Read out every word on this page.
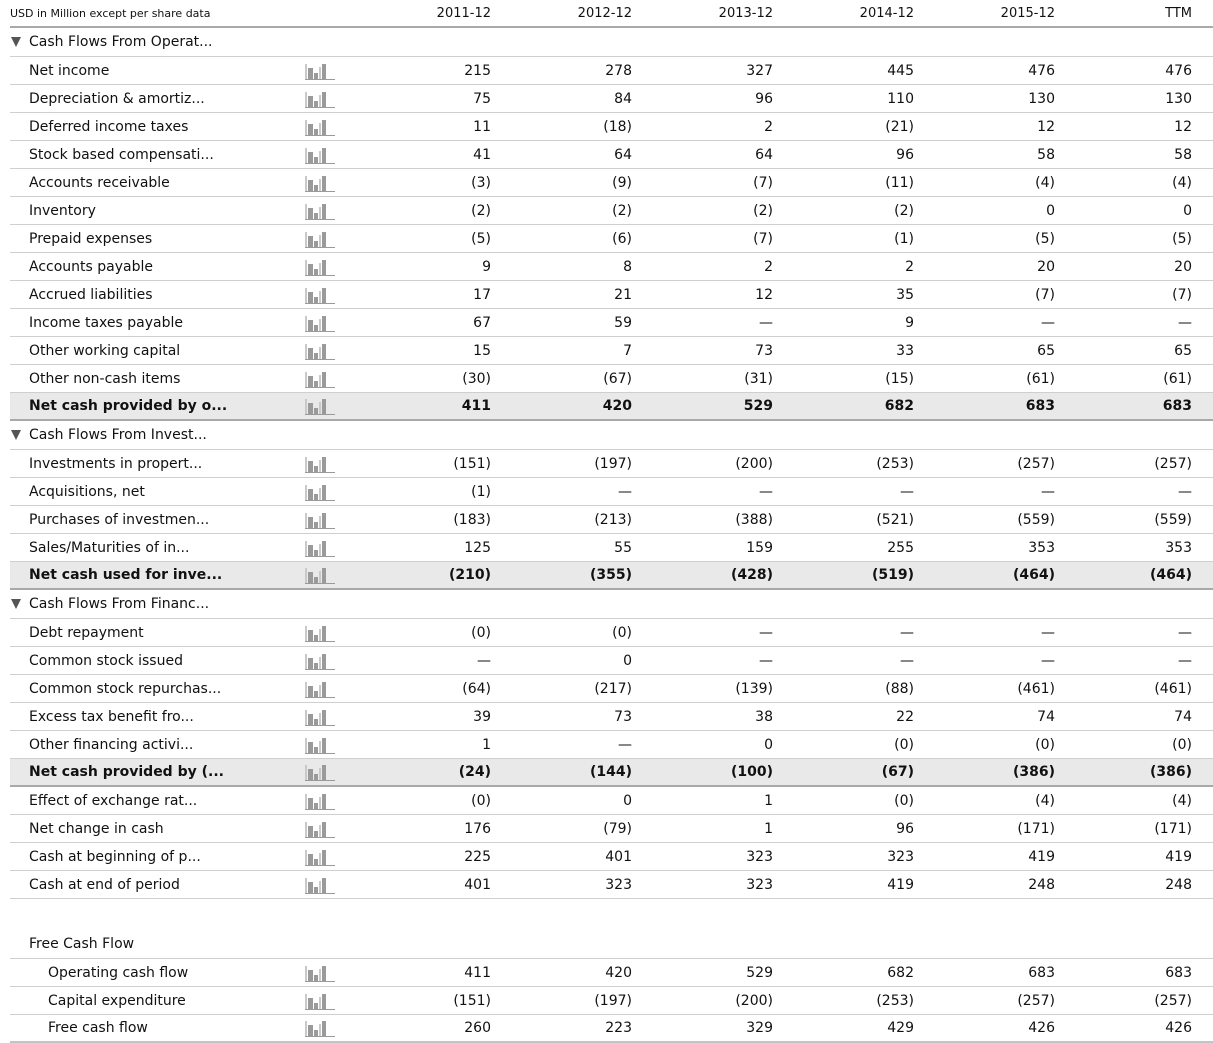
USD in Million except per share data	2011-12	2012-12	2013-12	2014-12	2015-12	TTM
Cash Flows From Operat...
Net income	215	278	327	445	476	476
Depreciation & amortiz...	75	84	96	110	130	130
Deferred income taxes	11	(18)	2	(21)	12	12
Stock based compensati...	41	64	64	96	58	58
Accounts receivable	(3)	(9)	(7)	(11)	(4)	(4)
Inventory	(2)	(2)	(2)	(2)	0	0
Prepaid expenses	(5)	(6)	(7)	(1)	(5)	(5)
Accounts payable	9	8	2	2	20	20
Accrued liabilities	17	21	12	35	(7)	(7)
Income taxes payable	67	59	—	9	—	—
Other working capital	15	7	73	33	65	65
Other non-cash items	(30)	(67)	(31)	(15)	(61)	(61)
Net cash provided by o...	411	420	529	682	683	683
Cash Flows From Invest...
Investments in propert...	(151)	(197)	(200)	(253)	(257)	(257)
Acquisitions, net	(1)	—	—	—	—	—
Purchases of investmen...	(183)	(213)	(388)	(521)	(559)	(559)
Sales/Maturities of in...	125	55	159	255	353	353
Net cash used for inve...	(210)	(355)	(428)	(519)	(464)	(464)
Cash Flows From Financ...
Debt repayment	(0)	(0)	—	—	—	—
Common stock issued	—	0	—	—	—	—
Common stock repurchas...	(64)	(217)	(139)	(88)	(461)	(461)
Excess tax benefit fro...	39	73	38	22	74	74
Other financing activi...	1	—	0	(0)	(0)	(0)
Net cash provided by (...	(24)	(144)	(100)	(67)	(386)	(386)
Effect of exchange rat...	(0)	0	1	(0)	(4)	(4)
Net change in cash	176	(79)	1	96	(171)	(171)
Cash at beginning of p...	225	401	323	323	419	419
Cash at end of period	401	323	323	419	248	248
Free Cash Flow
Operating cash flow	411	420	529	682	683	683
Capital expenditure	(151)	(197)	(200)	(253)	(257)	(257)
Free cash flow	260	223	329	429	426	426
